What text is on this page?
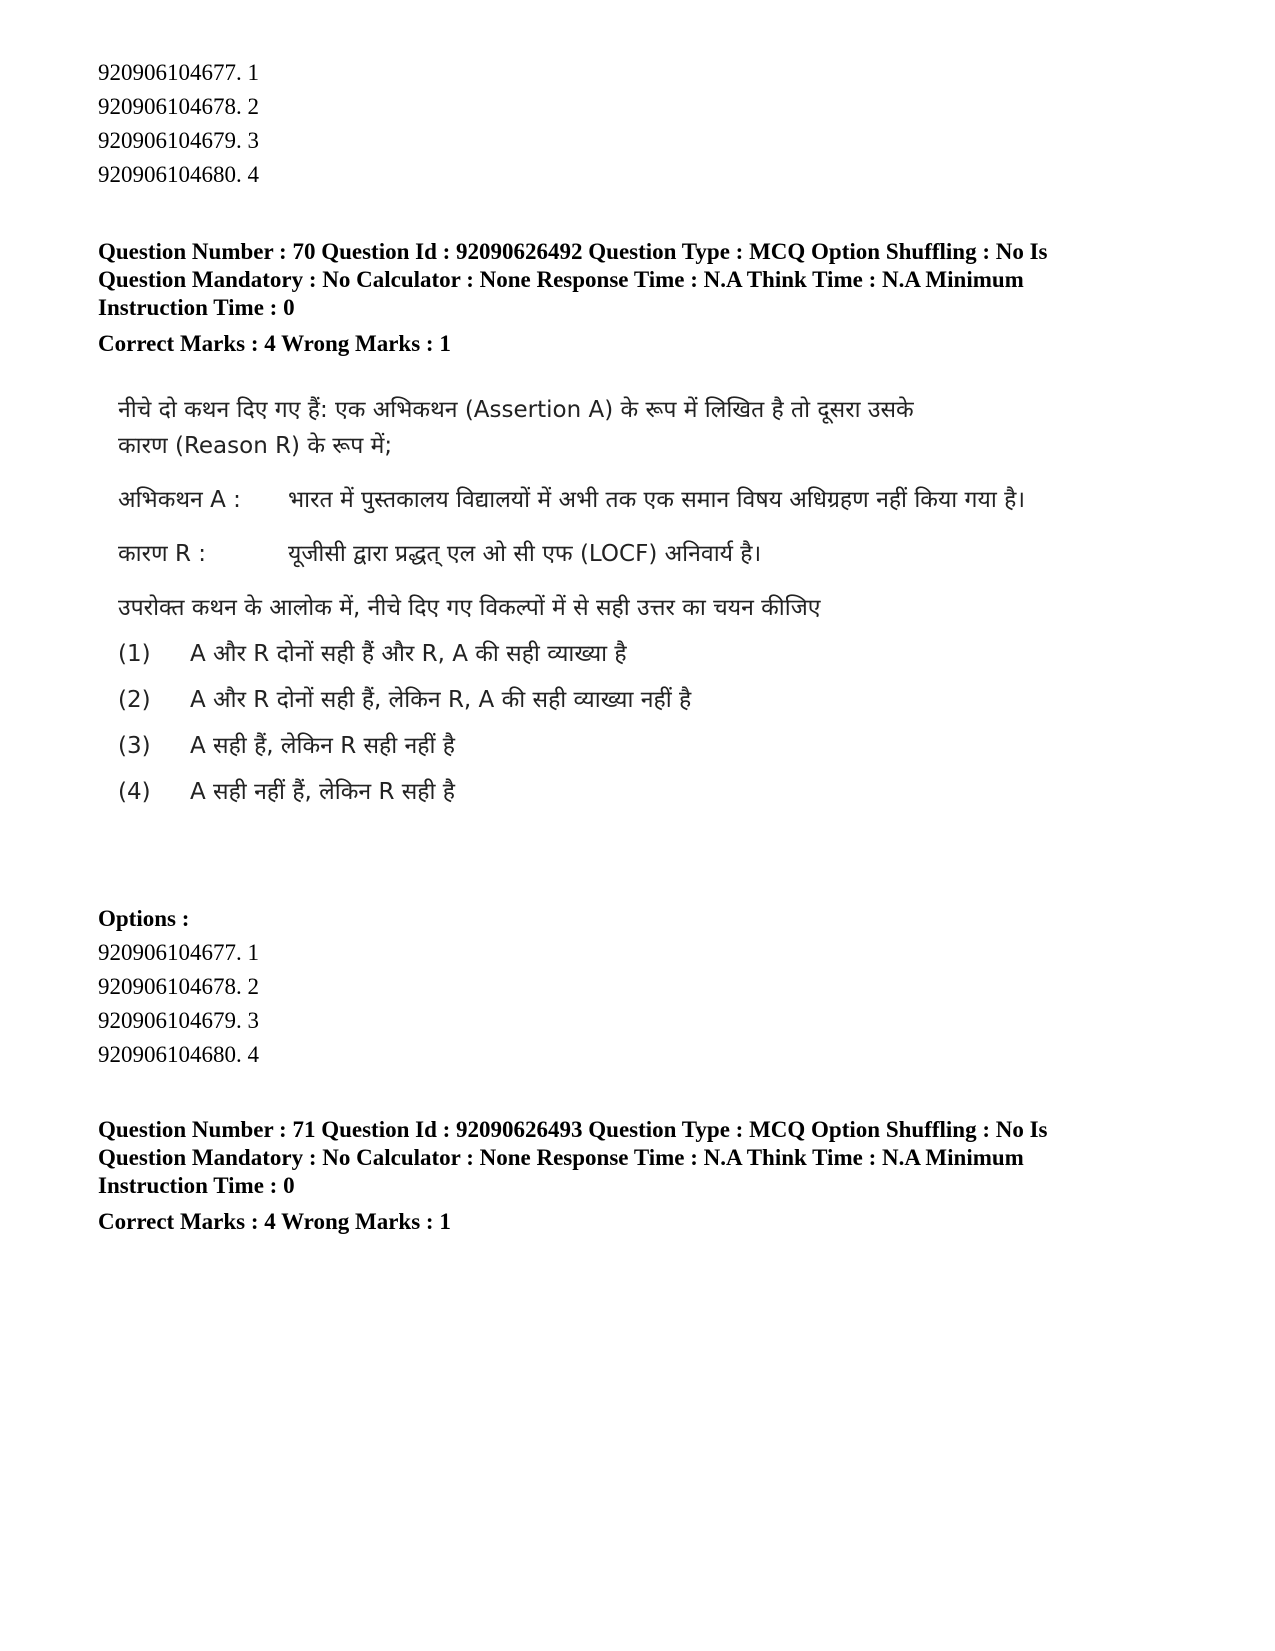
920906104677. 1
920906104678. 2
920906104679. 3
920906104680. 4
Question Number : 70 Question Id : 92090626492 Question Type : MCQ Option Shuffling : No Is
Question Mandatory : No Calculator : None Response Time : N.A Think Time : N.A Minimum
Instruction Time : 0
Correct Marks : 4 Wrong Marks : 1
नीचे दो कथन दिए गए हैं: एक अभिकथन (Assertion A) के रूप में लिखित है तो दूसरा उसके
कारण (Reason R) के रूप में;
अभिकथन A :	भारत में पुस्तकालय विद्यालयों में अभी तक एक समान विषय अधिग्रहण नहीं किया गया है।
कारण R :	यूजीसी द्वारा प्रद्धत् एल ओ सी एफ (LOCF) अनिवार्य है।
उपरोक्त कथन के आलोक में, नीचे दिए गए विकल्पों में से सही उत्तर का चयन कीजिए
(1)	A और R दोनों सही हैं और R, A की सही व्याख्या है
(2)	A और R दोनों सही हैं, लेकिन R, A की सही व्याख्या नहीं है
(3)	A सही हैं, लेकिन R सही नहीं है
(4)	A सही नहीं हैं, लेकिन R सही है
Options :
920906104677. 1
920906104678. 2
920906104679. 3
920906104680. 4
Question Number : 71 Question Id : 92090626493 Question Type : MCQ Option Shuffling : No Is
Question Mandatory : No Calculator : None Response Time : N.A Think Time : N.A Minimum
Instruction Time : 0
Correct Marks : 4 Wrong Marks : 1
